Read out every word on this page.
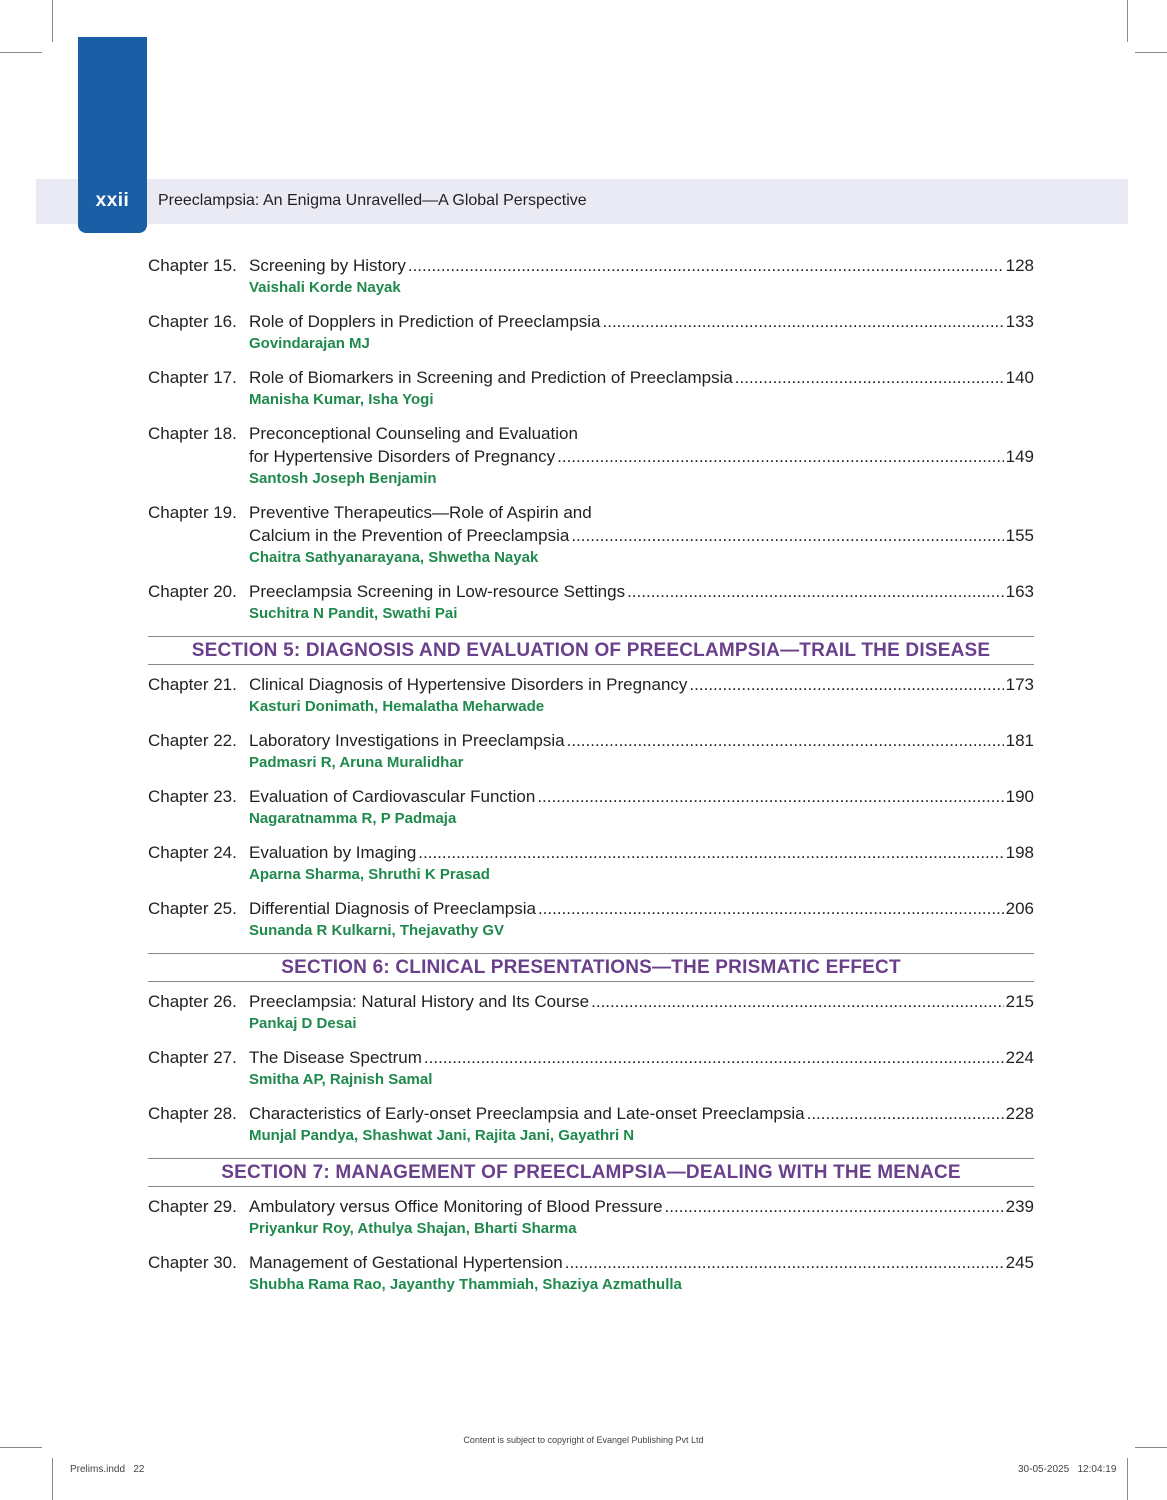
xxii	Preeclampsia: An Enigma Unravelled—A Global Perspective
Chapter 15. Screening by History .....	128
Vaishali Korde Nayak
Chapter 16. Role of Dopplers in Prediction of Preeclampsia .....	133
Govindarajan MJ
Chapter 17. Role of Biomarkers in Screening and Prediction of Preeclampsia .....	140
Manisha Kumar, Isha Yogi
Chapter 18. Preconceptional Counseling and Evaluation
for Hypertensive Disorders of Pregnancy .....	149
Santosh Joseph Benjamin
Chapter 19. Preventive Therapeutics—Role of Aspirin and
Calcium in the Prevention of Preeclampsia .....	155
Chaitra Sathyanarayana, Shwetha Nayak
Chapter 20. Preeclampsia Screening in Low-resource Settings .....	163
Suchitra N Pandit, Swathi Pai
SECTION 5: DIAGNOSIS AND EVALUATION OF PREECLAMPSIA—TRAIL THE DISEASE
Chapter 21. Clinical Diagnosis of Hypertensive Disorders in Pregnancy .....	173
Kasturi Donimath, Hemalatha Meharwade
Chapter 22. Laboratory Investigations in Preeclampsia .....	181
Padmasri R, Aruna Muralidhar
Chapter 23. Evaluation of Cardiovascular Function .....	190
Nagaratnamma R, P Padmaja
Chapter 24. Evaluation by Imaging .....	198
Aparna Sharma, Shruthi K Prasad
Chapter 25. Differential Diagnosis of Preeclampsia .....	206
Sunanda R Kulkarni, Thejavathy GV
SECTION 6: CLINICAL PRESENTATIONS—THE PRISMATIC EFFECT
Chapter 26. Preeclampsia: Natural History and Its Course .....	215
Pankaj D Desai
Chapter 27. The Disease Spectrum .....	224
Smitha AP, Rajnish Samal
Chapter 28. Characteristics of Early-onset Preeclampsia and Late-onset Preeclampsia .....	228
Munjal Pandya, Shashwat Jani, Rajita Jani, Gayathri N
SECTION 7: MANAGEMENT OF PREECLAMPSIA—DEALING WITH THE MENACE
Chapter 29. Ambulatory versus Office Monitoring of Blood Pressure .....	239
Priyankur Roy, Athulya Shajan, Bharti Sharma
Chapter 30. Management of Gestational Hypertension .....	245
Shubha Rama Rao, Jayanthy Thammiah, Shaziya Azmathulla
Content is subject to copyright of Evangel Publishing Pvt Ltd
Prelims.indd   22	30-05-2025   12:04:19
